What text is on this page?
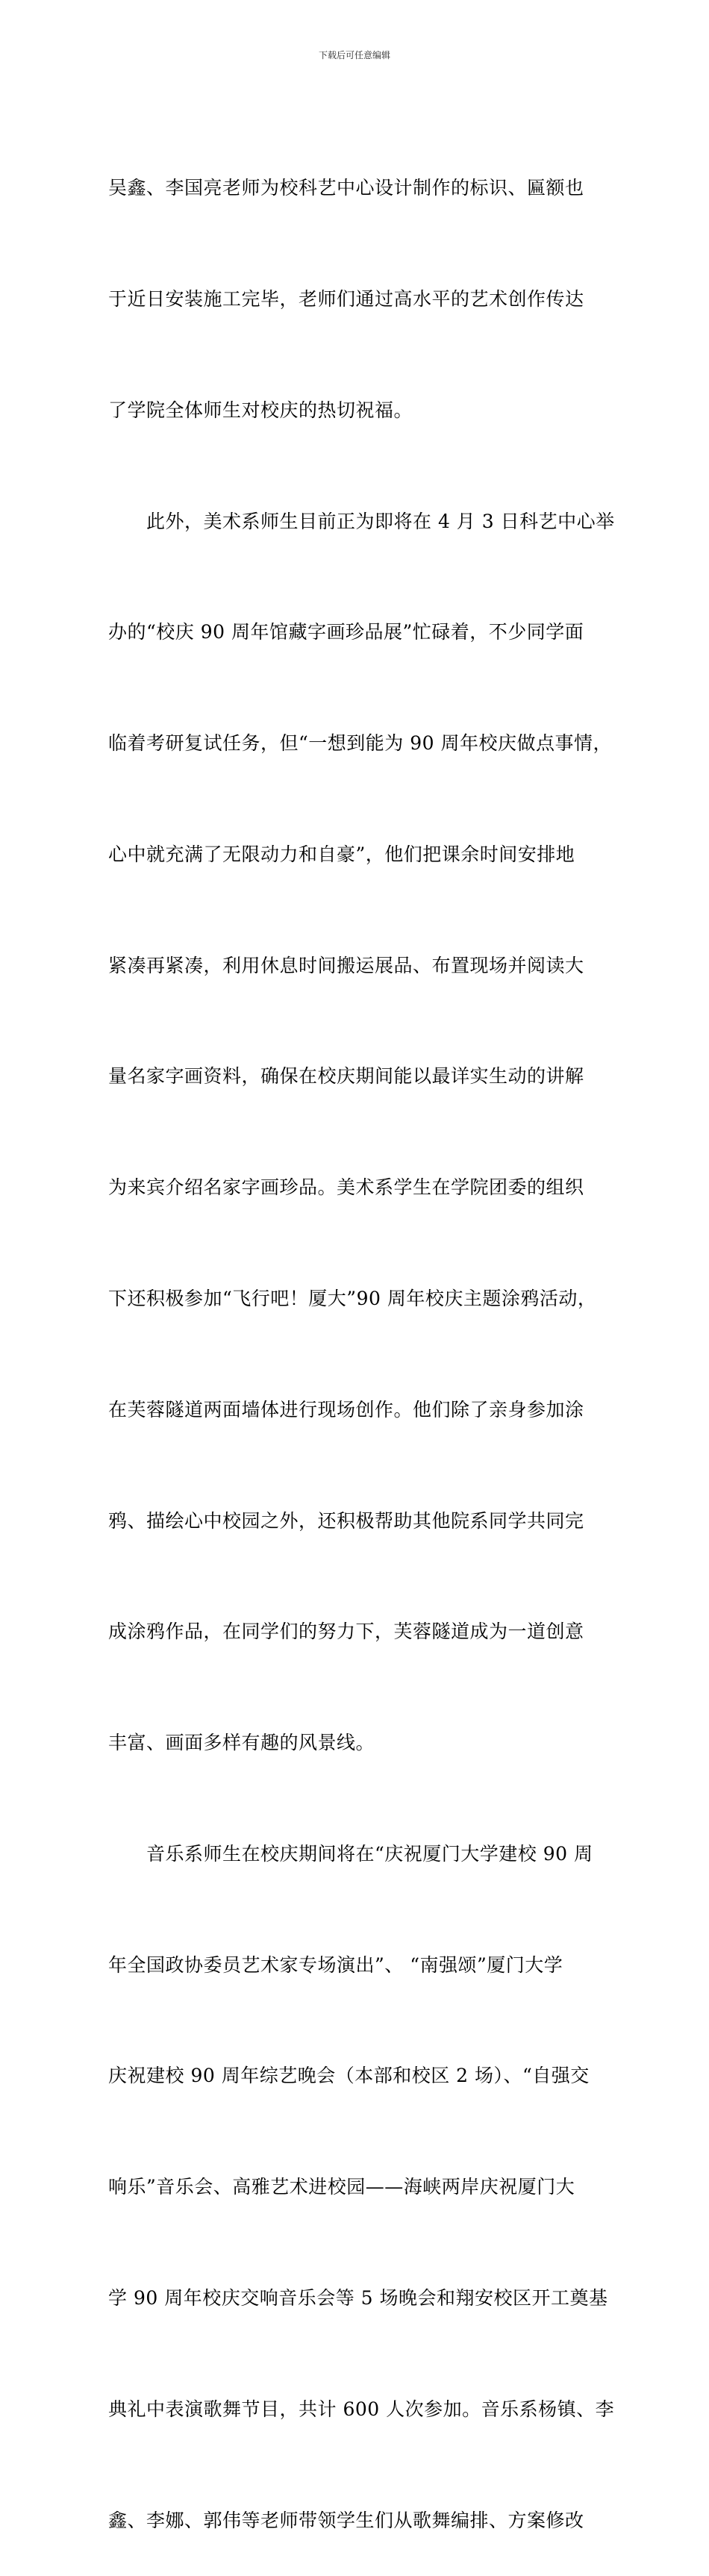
下载后可任意编辑

吴鑫、李国亮老师为校科艺中心设计制作的标识、匾额也

于近日安装施工完毕，老师们通过高水平的艺术创作传达

了学院全体师生对校庆的热切祝福。

　　此外，美术系师生目前正为即将在 4 月 3 日科艺中心举

办的“校庆 90 周年馆藏字画珍品展”忙碌着，不少同学面

临着考研复试任务，但“一想到能为 90 周年校庆做点事情，

心中就充满了无限动力和自豪”，他们把课余时间安排地

紧凑再紧凑，利用休息时间搬运展品、布置现场并阅读大

量名家字画资料，确保在校庆期间能以最详实生动的讲解

为来宾介绍名家字画珍品。美术系学生在学院团委的组织

下还积极参加“飞行吧！厦大”90 周年校庆主题涂鸦活动，

在芙蓉隧道两面墙体进行现场创作。他们除了亲身参加涂

鸦、描绘心中校园之外，还积极帮助其他院系同学共同完

成涂鸦作品，在同学们的努力下，芙蓉隧道成为一道创意

丰富、画面多样有趣的风景线。

　　音乐系师生在校庆期间将在“庆祝厦门大学建校 90 周

年全国政协委员艺术家专场演出”、 “南强颂”厦门大学

庆祝建校 90 周年综艺晚会（本部和校区 2 场）、“自强交

响乐”音乐会、高雅艺术进校园——海峡两岸庆祝厦门大

学 90 周年校庆交响音乐会等 5 场晚会和翔安校区开工奠基

典礼中表演歌舞节目，共计 600 人次参加。音乐系杨镇、李

鑫、李娜、郭伟等老师带领学生们从歌舞编排、方案修改
